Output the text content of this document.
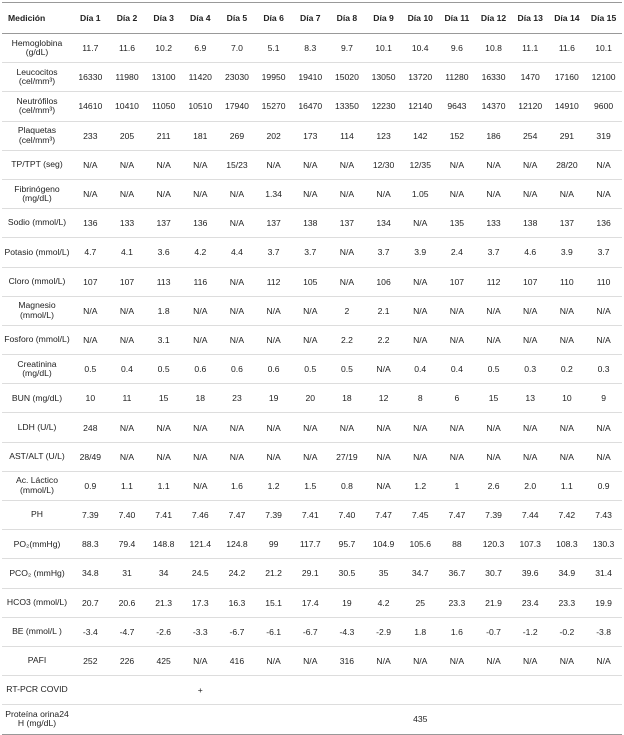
Medición	Día 1	Día 2	Día 3	Día 4	Día 5	Día 6	Día 7	Día 8	Día 9	Día 10	Día 11	Día 12	Día 13	Día 14	Día 15
Hemoglobina (g/dL)	11.7	11.6	10.2	6.9	7.0	5.1	8.3	9.7	10.1	10.4	9.6	10.8	11.1	11.6	10.1
Leucocitos (cel/mm³)	16330	11980	13100	11420	23030	19950	19410	15020	13050	13720	11280	16330	1470	17160	12100
Neutrófilos (cel/mm³)	14610	10410	11050	10510	17940	15270	16470	13350	12230	12140	9643	14370	12120	14910	9600
Plaquetas (cel/mm³)	233	205	211	181	269	202	173	114	123	142	152	186	254	291	319
TP/TPT (seg)	N/A	N/A	N/A	N/A	15/23	N/A	N/A	N/A	12/30	12/35	N/A	N/A	N/A	28/20	N/A
Fibrinógeno (mg/dL)	N/A	N/A	N/A	N/A	N/A	1.34	N/A	N/A	N/A	1.05	N/A	N/A	N/A	N/A	N/A
Sodio (mmol/L)	136	133	137	136	N/A	137	138	137	134	N/A	135	133	138	137	136
Potasio (mmol/L)	4.7	4.1	3.6	4.2	4.4	3.7	3.7	N/A	3.7	3.9	2.4	3.7	4.6	3.9	3.7
Cloro (mmol/L)	107	107	113	116	N/A	112	105	N/A	106	N/A	107	112	107	110	110
Magnesio (mmol/L)	N/A	N/A	1.8	N/A	N/A	N/A	N/A	2	2.1	N/A	N/A	N/A	N/A	N/A	N/A
Fosforo (mmol/L)	N/A	N/A	3.1	N/A	N/A	N/A	N/A	2.2	2.2	N/A	N/A	N/A	N/A	N/A	N/A
Creatinina (mg/dL)	0.5	0.4	0.5	0.6	0.6	0.6	0.5	0.5	N/A	0.4	0.4	0.5	0.3	0.2	0.3
BUN (mg/dL)	10	11	15	18	23	19	20	18	12	8	6	15	13	10	9
LDH (U/L)	248	N/A	N/A	N/A	N/A	N/A	N/A	N/A	N/A	N/A	N/A	N/A	N/A	N/A	N/A
AST/ALT (U/L)	28/49	N/A	N/A	N/A	N/A	N/A	N/A	27/19	N/A	N/A	N/A	N/A	N/A	N/A	N/A
Ac. Láctico (mmol/L)	0.9	1.1	1.1	N/A	1.6	1.2	1.5	0.8	N/A	1.2	1	2.6	2.0	1.1	0.9
PH	7.39	7.40	7.41	7.46	7.47	7.39	7.41	7.40	7.47	7.45	7.47	7.39	7.44	7.42	7.43
PO₂(mmHg)	88.3	79.4	148.8	121.4	124.8	99	117.7	95.7	104.9	105.6	88	120.3	107.3	108.3	130.3
PCO₂ (mmHg)	34.8	31	34	24.5	24.2	21.2	29.1	30.5	35	34.7	36.7	30.7	39.6	34.9	31.4
HCO3 (mmol/L)	20.7	20.6	21.3	17.3	16.3	15.1	17.4	19	4.2	25	23.3	21.9	23.4	23.3	19.9
BE (mmol/L )	-3.4	-4.7	-2.6	-3.3	-6.7	-6.1	-6.7	-4.3	-2.9	1.8	1.6	-0.7	-1.2	-0.2	-3.8
PAFI	252	226	425	N/A	416	N/A	N/A	316	N/A	N/A	N/A	N/A	N/A	N/A	N/A
RT-PCR COVID				+											
Proteína orina24 H (mg/dL)										435					
